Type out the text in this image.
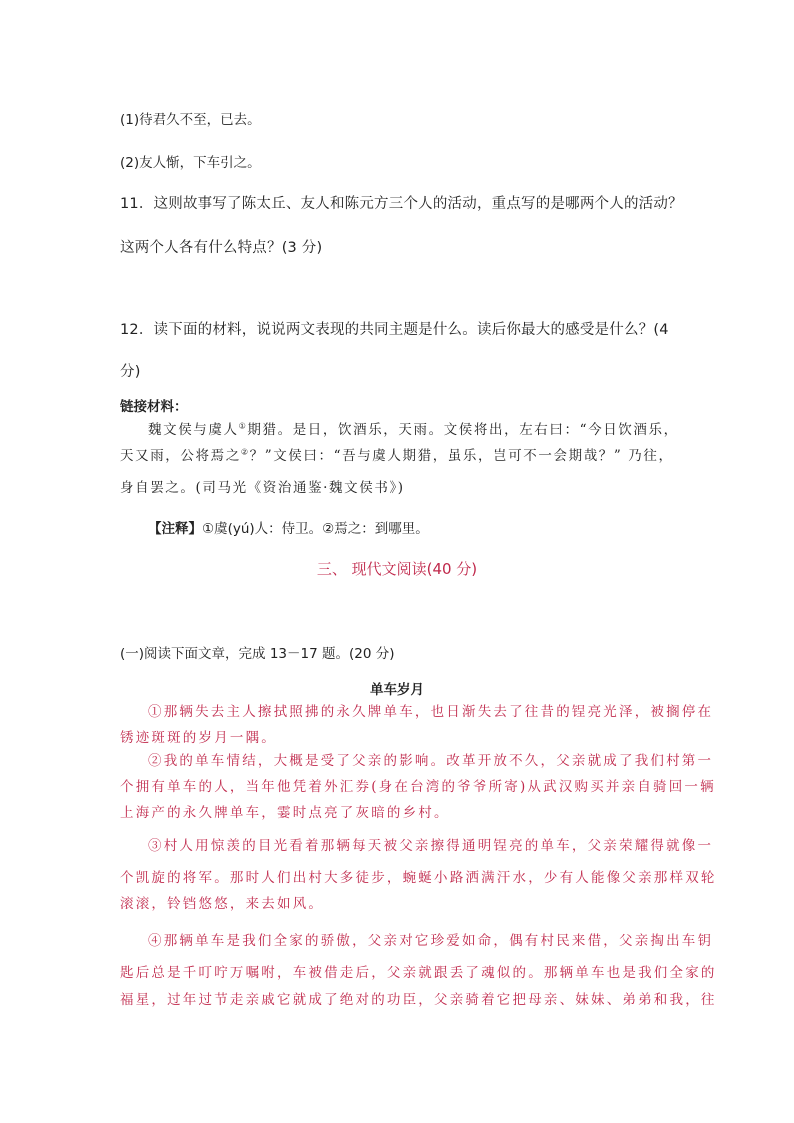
(1)待君久不至，已去。
(2)友人惭，下车引之。
11．这则故事写了陈太丘、友人和陈元方三个人的活动，重点写的是哪两个人的活动？
这两个人各有什么特点？(3 分)
12．读下面的材料，说说两文表现的共同主题是什么。读后你最大的感受是什么？(4
分)
链接材料：
魏文侯与虞人①期猎。是日，饮酒乐，天雨。文侯将出，左右曰：“今日饮酒乐，
天又雨，公将焉之②？”文侯曰：“吾与虞人期猎，虽乐，岂可不一会期哉？” 乃往，
身自罢之。(司马光《资治通鉴·魏文侯书》)
【注释】①虞(yú)人：侍卫。②焉之：到哪里。
三、 现代文阅读(40 分)
(一)阅读下面文章，完成 13－17 题。(20 分)
单车岁月
①那辆失去主人擦拭照拂的永久牌单车，也日渐失去了往昔的锃亮光泽，被搁停在
锈迹斑斑的岁月一隅。
②我的单车情结，大概是受了父亲的影响。改革开放不久，父亲就成了我们村第一
个拥有单车的人，当年他凭着外汇券(身在台湾的爷爷所寄)从武汉购买并亲自骑回一辆
上海产的永久牌单车，霎时点亮了灰暗的乡村。
③村人用惊羡的目光看着那辆每天被父亲擦得通明锃亮的单车，父亲荣耀得就像一
个凯旋的将军。那时人们出村大多徒步，蜿蜒小路洒满汗水，少有人能像父亲那样双轮
滚滚，铃铛悠悠，来去如风。
④那辆单车是我们全家的骄傲，父亲对它珍爱如命，偶有村民来借，父亲掏出车钥
匙后总是千叮咛万嘱咐，车被借走后，父亲就跟丢了魂似的。那辆单车也是我们全家的
福星，过年过节走亲戚它就成了绝对的功臣，父亲骑着它把母亲、妹妹、弟弟和我，往
